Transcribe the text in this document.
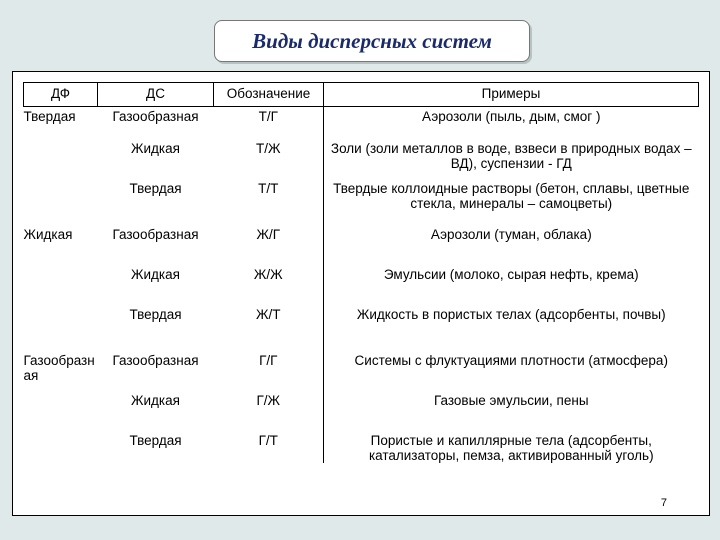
Виды дисперсных систем
ДФ	ДС	Обозначение	Примеры
Твердая	Газообразная	Т/Г	Аэрозоли (пыль, дым, смог )
	Жидкая	Т/Ж	Золи (золи металлов в воде, взвеси в природных водах – ВД), суспензии - ГД
	Твердая	Т/Т	Твердые коллоидные растворы (бетон, сплавы, цветные стекла, минералы – самоцветы)
Жидкая	Газообразная	Ж/Г	Аэрозоли (туман, облака)
	Жидкая	Ж/Ж	Эмульсии (молоко, сырая нефть, крема)
	Твердая	Ж/Т	Жидкость в пористых телах (адсорбенты, почвы)
Газообразная	Газообразная	Г/Г	Системы с флуктуациями плотности (атмосфера)
	Жидкая	Г/Ж	Газовые эмульсии, пены
	Твердая	Г/Т	Пористые и капиллярные тела (адсорбенты, катализаторы, пемза, активированный уголь)
7
